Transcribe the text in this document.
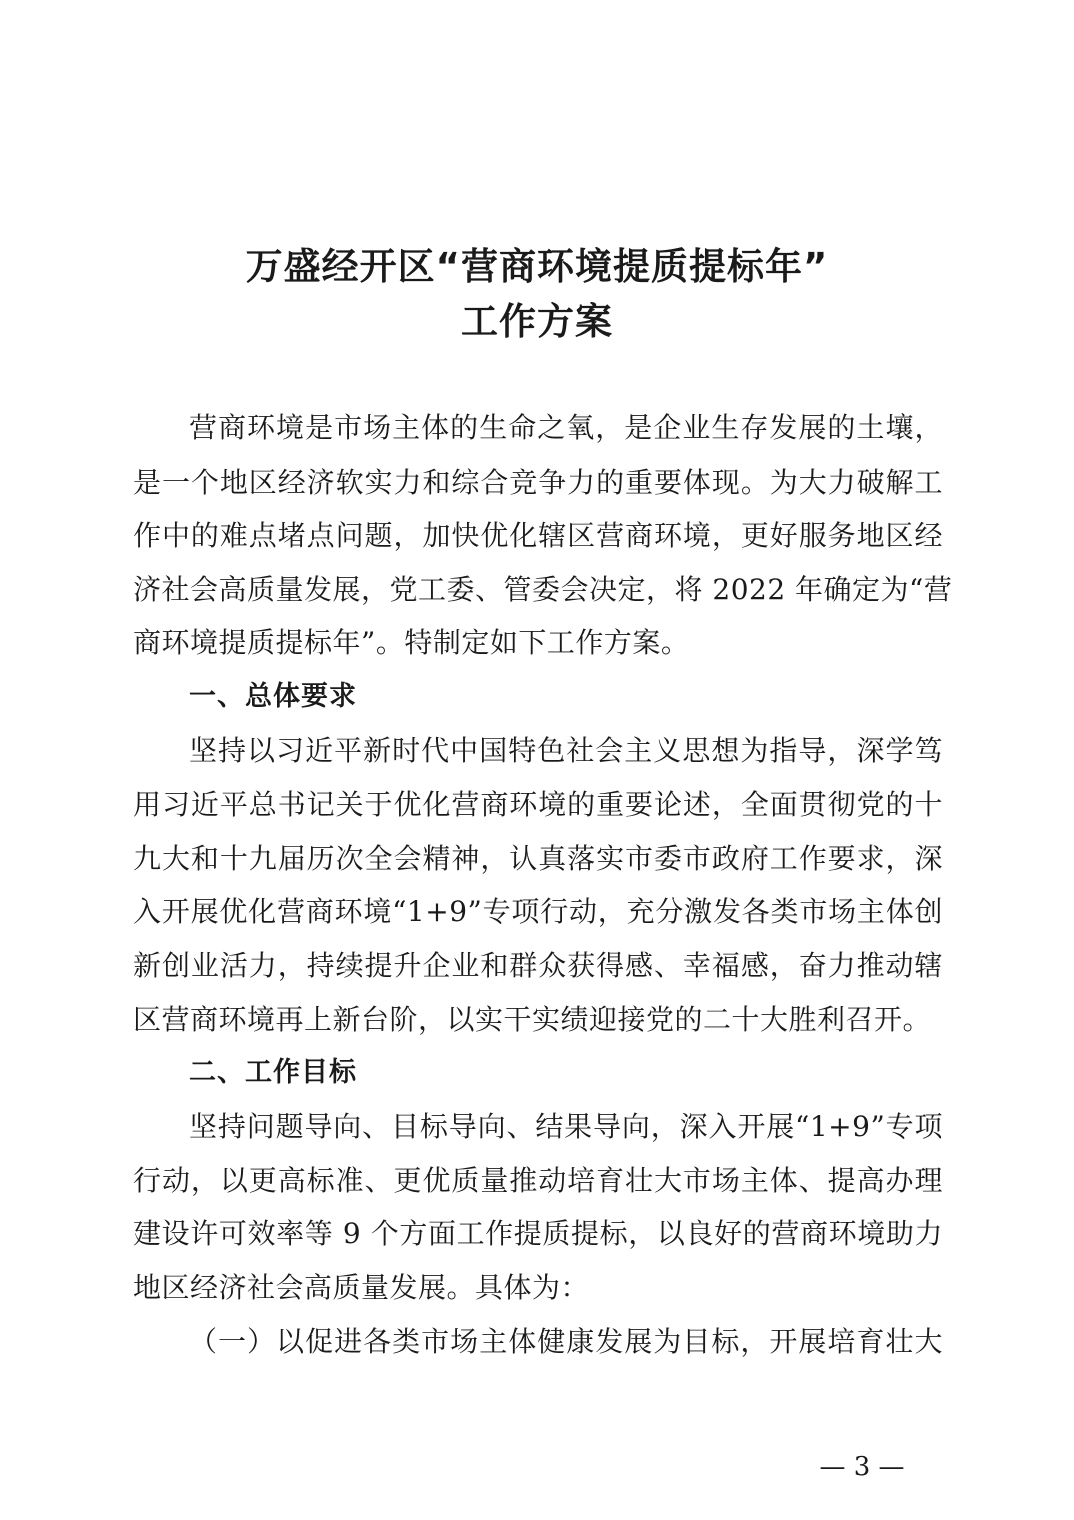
万盛经开区“营商环境提质提标年”
工作方案
营商环境是市场主体的生命之氧，是企业生存发展的土壤，
是一个地区经济软实力和综合竞争力的重要体现。为大力破解工
作中的难点堵点问题，加快优化辖区营商环境，更好服务地区经
济社会高质量发展，党工委、管委会决定，将 2022 年确定为“营
商环境提质提标年”。特制定如下工作方案。
一、总体要求
坚持以习近平新时代中国特色社会主义思想为指导，深学笃
用习近平总书记关于优化营商环境的重要论述，全面贯彻党的十
九大和十九届历次全会精神，认真落实市委市政府工作要求，深
入开展优化营商环境“1+9”专项行动，充分激发各类市场主体创
新创业活力，持续提升企业和群众获得感、幸福感，奋力推动辖
区营商环境再上新台阶，以实干实绩迎接党的二十大胜利召开。
二、工作目标
坚持问题导向、目标导向、结果导向，深入开展“1+9”专项
行动，以更高标准、更优质量推动培育壮大市场主体、提高办理
建设许可效率等 9 个方面工作提质提标，以良好的营商环境助力
地区经济社会高质量发展。具体为：
（一）以促进各类市场主体健康发展为目标，开展培育壮大
— 3 —
